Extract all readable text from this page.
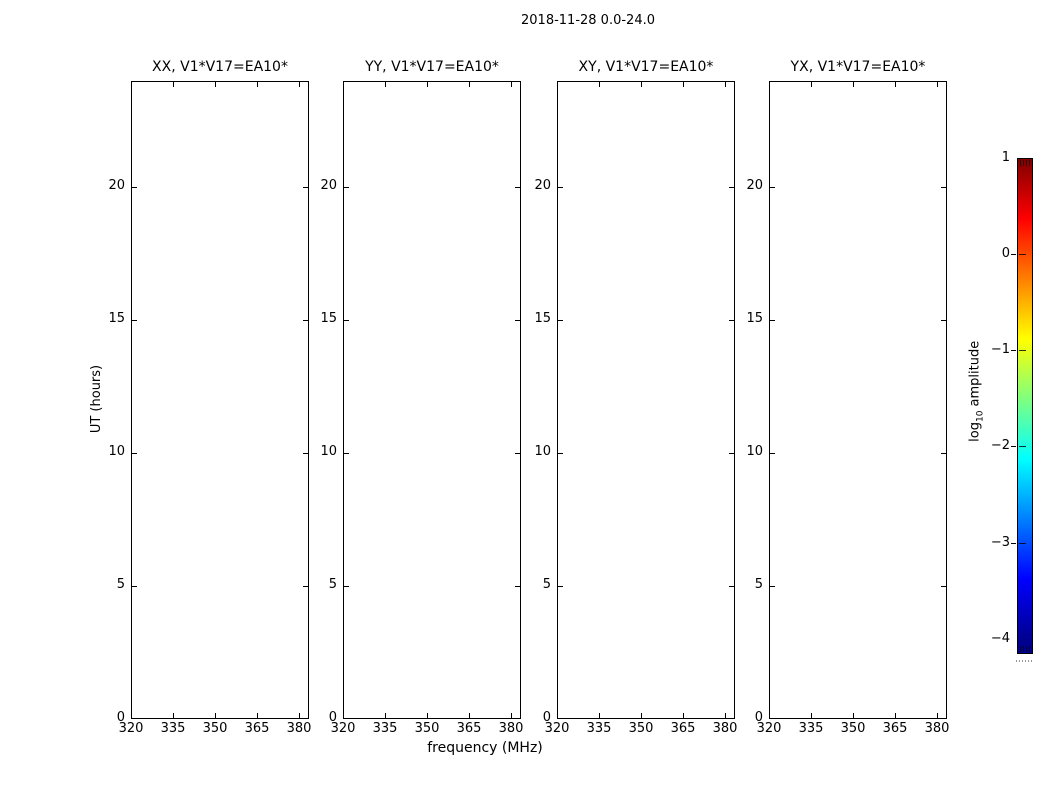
2018-11-28 0.0-24.0
XX, V1*V17=EA10*
20
15
10
5
0
320	335	350	365	380
YY, V1*V17=EA10*
20
15
10
5
0
320	335	350	365	380
XY, V1*V17=EA10*
20
15
10
5
0
320	335	350	365	380
YX, V1*V17=EA10*
20
15
10
5
0
320	335	350	365	380
UT (hours)
frequency (MHz)
1
0
−1
−2
−3
−4
$\log_{10}$ amplitude
